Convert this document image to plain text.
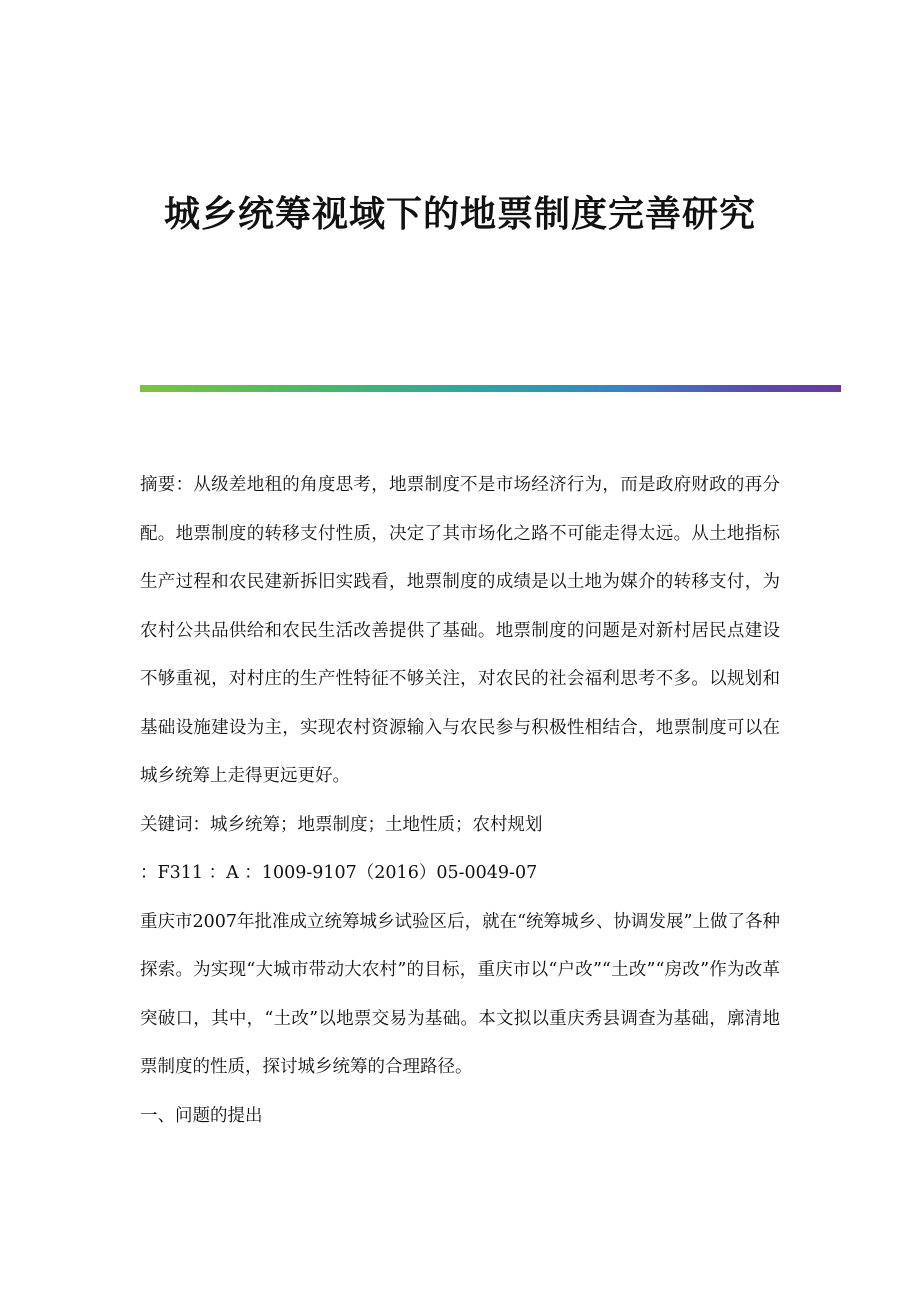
城乡统筹视域下的地票制度完善研究

摘要：从级差地租的角度思考，地票制度不是市场经济行为，而是政府财政的再分配。地票制度的转移支付性质，决定了其市场化之路不可能走得太远。从土地指标生产过程和农民建新拆旧实践看，地票制度的成绩是以土地为媒介的转移支付，为农村公共品供给和农民生活改善提供了基础。地票制度的问题是对新村居民点建设不够重视，对村庄的生产性特征不够关注，对农民的社会福利思考不多。以规划和基础设施建设为主，实现农村资源输入与农民参与积极性相结合，地票制度可以在城乡统筹上走得更远更好。

关键词：城乡统筹；地票制度；土地性质；农村规划

：F311 ：A ：1009-9107（2016）05-0049-07

重庆市2007年批准成立统筹城乡试验区后，就在“统筹城乡、协调发展”上做了各种探索。为实现“大城市带动大农村”的目标，重庆市以“户改”“土改”“房改”作为改革突破口，其中，“土改”以地票交易为基础。本文拟以重庆秀县调查为基础，廓清地票制度的性质，探讨城乡统筹的合理路径。

一、问题的提出
